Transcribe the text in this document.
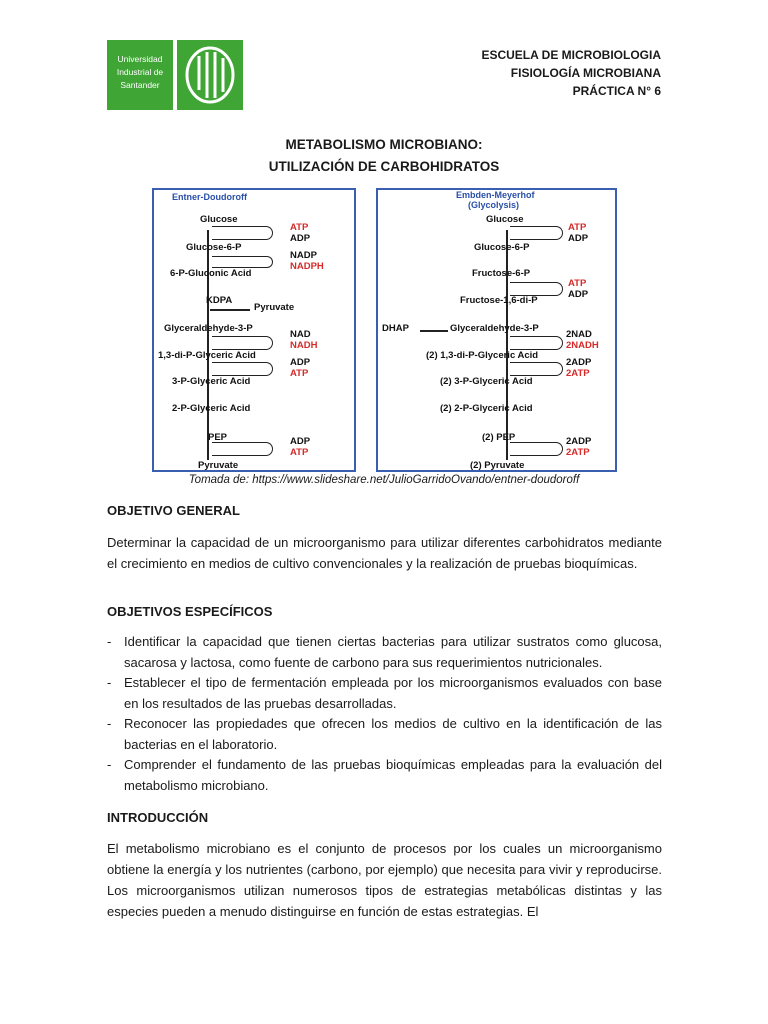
Universidad
Industrial de
Santander
ESCUELA DE MICROBIOLOGIA
FISIOLOGÍA MICROBIANA
PRÁCTICA N° 6
METABOLISMO MICROBIANO:
UTILIZACIÓN DE CARBOHIDRATOS
Entner-Doudoroff
Glucose
Glucose-6-P
6-P-Gluconic Acid
KDPA
Glyceraldehyde-3-P
1,3-di-P-Glyceric Acid
3-P-Glyceric Acid
2-P-Glyceric Acid
PEP
Pyruvate
ATP
ADP
NADP
NADPH
Pyruvate
NAD
NADH
ADP
ATP
ADP
ATP
Embden-Meyerhof
(Glycolysis)
Glucose
Glucose-6-P
Fructose-6-P
Fructose-1,6-di-P
Glyceraldehyde-3-P
(2) 1,3-di-P-Glyceric Acid
(2) 3-P-Glyceric Acid
(2) 2-P-Glyceric Acid
(2) PEP
(2) Pyruvate
ATP
ADP
ATP
ADP
DHAP
2NAD
2NADH
2ADP
2ATP
2ADP
2ATP
Tomada de: https://www.slideshare.net/JulioGarridoOvando/entner-doudoroff
OBJETIVO GENERAL
Determinar la capacidad de un microorganismo para utilizar diferentes carbohidratos mediante el crecimiento en medios de cultivo convencionales y la realización de pruebas bioquímicas.
OBJETIVOS ESPECÍFICOS
- Identificar la capacidad que tienen ciertas bacterias para utilizar sustratos como glucosa, sacarosa y lactosa, como fuente de carbono para sus requerimientos nutricionales.
- Establecer el tipo de fermentación empleada por los microorganismos evaluados con base en los resultados de las pruebas desarrolladas.
- Reconocer las propiedades que ofrecen los medios de cultivo en la identificación de las bacterias en el laboratorio.
- Comprender el fundamento de las pruebas bioquímicas empleadas para la evaluación del metabolismo microbiano.
INTRODUCCIÓN
El metabolismo microbiano es el conjunto de procesos por los cuales un microorganismo obtiene la energía y los nutrientes (carbono, por ejemplo) que necesita para vivir y reproducirse. Los microorganismos utilizan numerosos tipos de estrategias metabólicas distintas y las especies pueden a menudo distinguirse en función de estas estrategias. El
